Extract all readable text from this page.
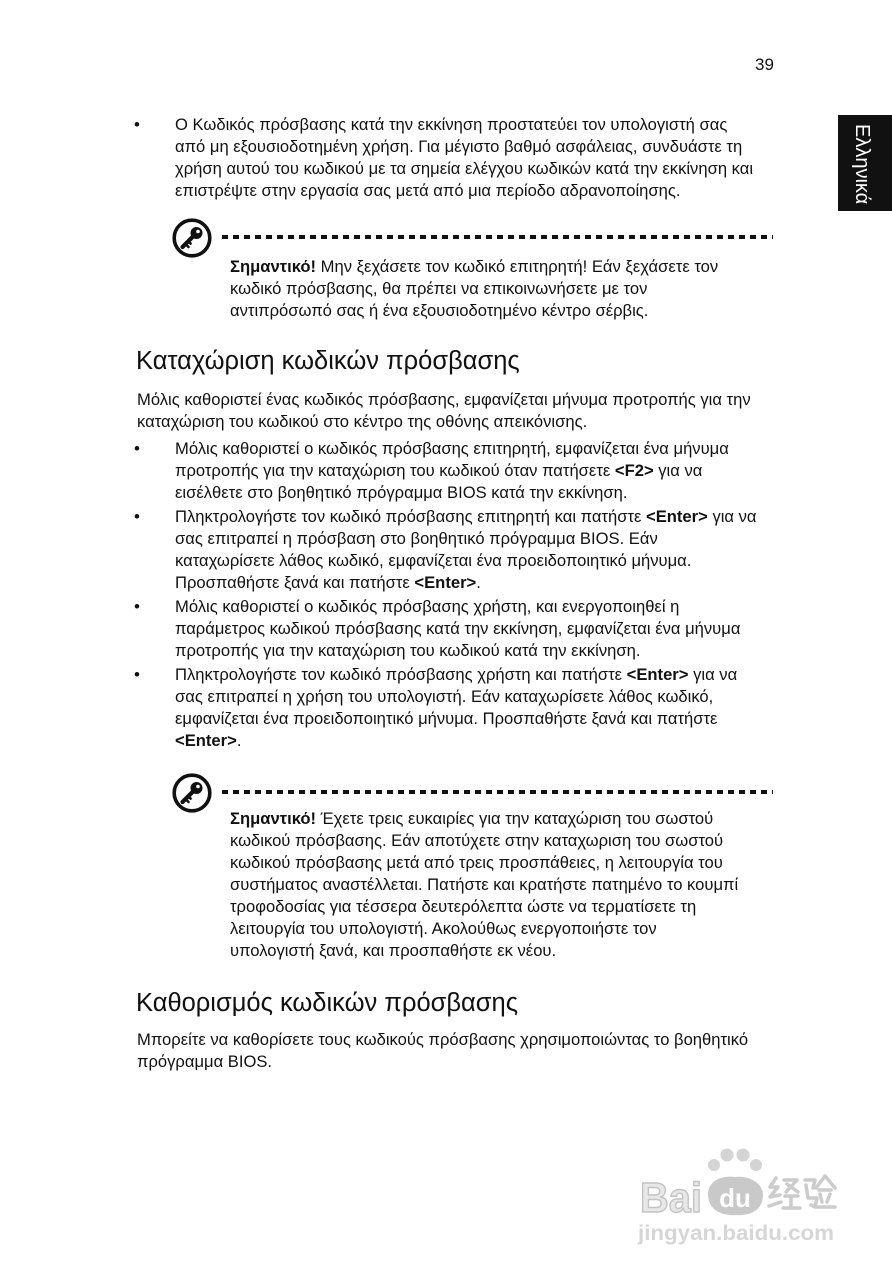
39
Ελληνικά
• Ο Κωδικός πρόσβασης κατά την εκκίνηση προστατεύει τον υπολογιστή σας
από μη εξουσιοδοτημένη χρήση. Για μέγιστο βαθμό ασφάλειας, συνδυάστε τη
χρήση αυτού του κωδικού με τα σημεία ελέγχου κωδικών κατά την εκκίνηση και
επιστρέψτε στην εργασία σας μετά από μια περίοδο αδρανοποίησης.
Σημαντικό! Μην ξεχάσετε τον κωδικό επιτηρητή! Εάν ξεχάσετε τον
κωδικό πρόσβασης, θα πρέπει να επικοινωνήσετε με τον
αντιπρόσωπό σας ή ένα εξουσιοδοτημένο κέντρο σέρβις.
Καταχώριση κωδικών πρόσβασης
Μόλις καθοριστεί ένας κωδικός πρόσβασης, εμφανίζεται μήνυμα προτροπής για την
καταχώριση του κωδικού στο κέντρο της οθόνης απεικόνισης.
• Μόλις καθοριστεί ο κωδικός πρόσβασης επιτηρητή, εμφανίζεται ένα μήνυμα
προτροπής για την καταχώριση του κωδικού όταν πατήσετε <F2> για να
εισέλθετε στο βοηθητικό πρόγραμμα BIOS κατά την εκκίνηση.
• Πληκτρολογήστε τον κωδικό πρόσβασης επιτηρητή και πατήστε <Enter> για να
σας επιτραπεί η πρόσβαση στο βοηθητικό πρόγραμμα BIOS. Εάν
καταχωρίσετε λάθος κωδικό, εμφανίζεται ένα προειδοποιητικό μήνυμα.
Προσπαθήστε ξανά και πατήστε <Enter>.
• Μόλις καθοριστεί ο κωδικός πρόσβασης χρήστη, και ενεργοποιηθεί η
παράμετρος κωδικού πρόσβασης κατά την εκκίνηση, εμφανίζεται ένα μήνυμα
προτροπής για την καταχώριση του κωδικού κατά την εκκίνηση.
• Πληκτρολογήστε τον κωδικό πρόσβασης χρήστη και πατήστε <Enter> για να
σας επιτραπεί η χρήση του υπολογιστή. Εάν καταχωρίσετε λάθος κωδικό,
εμφανίζεται ένα προειδοποιητικό μήνυμα. Προσπαθήστε ξανά και πατήστε
<Enter>.
Σημαντικό! Έχετε τρεις ευκαιρίες για την καταχώριση του σωστού
κωδικού πρόσβασης. Εάν αποτύχετε στην καταχωριση του σωστού
κωδικού πρόσβασης μετά από τρεις προσπάθειες, η λειτουργία του
συστήματος αναστέλλεται. Πατήστε και κρατήστε πατημένο το κουμπί
τροφοδοσίας για τέσσερα δευτερόλεπτα ώστε να τερματίσετε τη
λειτουργία του υπολογιστή. Ακολούθως ενεργοποιήστε τον
υπολογιστή ξανά, και προσπαθήστε εκ νέου.
Καθορισμός κωδικών πρόσβασης
Μπορείτε να καθορίσετε τους κωδικούς πρόσβασης χρησιμοποιώντας το βοηθητικό
πρόγραμμα BIOS.
Bai du
jingyan.baidu.com
